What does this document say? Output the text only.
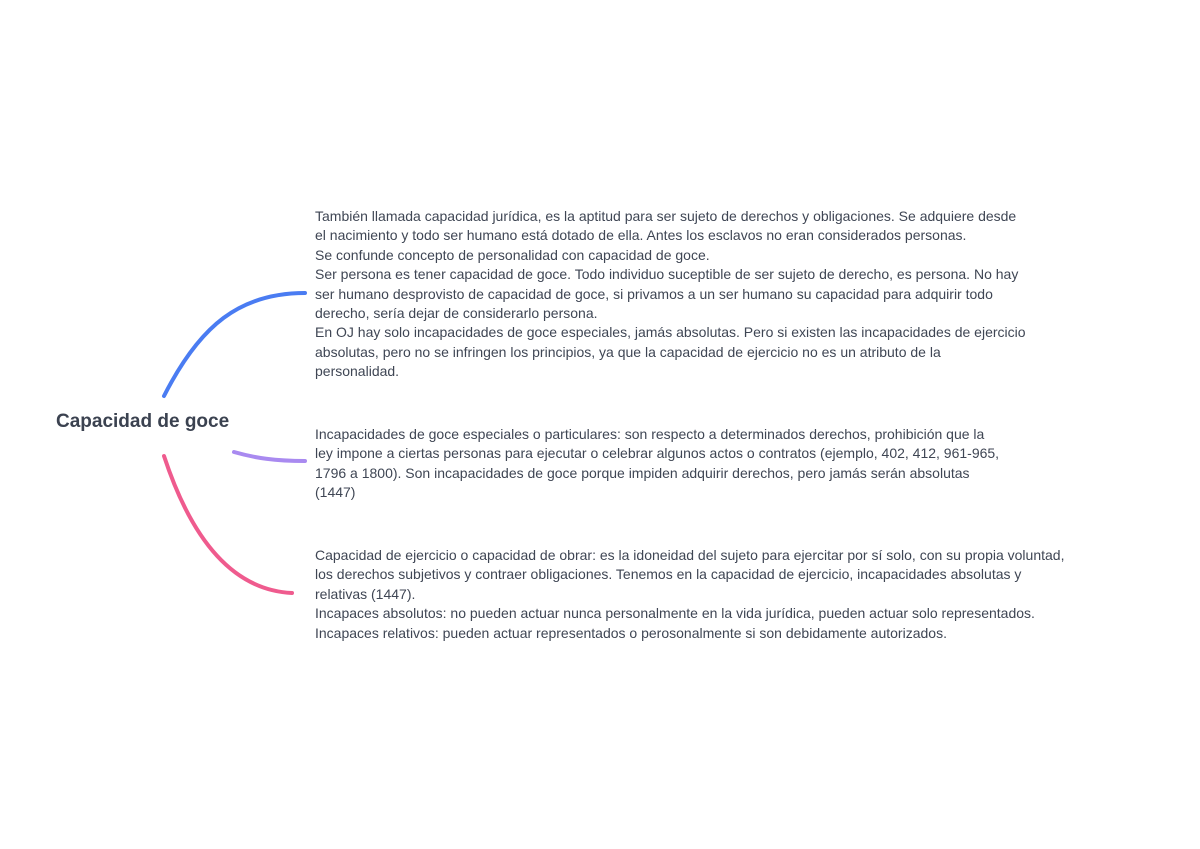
Capacidad de goce
También llamada capacidad jurídica, es la aptitud para ser sujeto de derechos y obligaciones. Se adquiere desde
el nacimiento y todo ser humano está dotado de ella. Antes los esclavos no eran considerados personas.
Se confunde concepto de personalidad con capacidad de goce.
Ser persona es tener capacidad de goce. Todo individuo suceptible de ser sujeto de derecho, es persona. No hay
ser humano desprovisto de capacidad de goce, si privamos a un ser humano su capacidad para adquirir todo
derecho, sería dejar de considerarlo persona.
En OJ hay solo incapacidades de goce especiales, jamás absolutas. Pero si existen las incapacidades de ejercicio
absolutas, pero no se infringen los principios, ya que la capacidad de ejercicio no es un atributo de la
personalidad.
Incapacidades de goce especiales o particulares: son respecto a determinados derechos, prohibición que la
ley impone a ciertas personas para ejecutar o celebrar algunos actos o contratos (ejemplo, 402, 412, 961-965,
1796 a 1800). Son incapacidades de goce porque impiden adquirir derechos, pero jamás serán absolutas
(1447)
Capacidad de ejercicio o capacidad de obrar: es la idoneidad del sujeto para ejercitar por sí solo, con su propia voluntad,
los derechos subjetivos y contraer obligaciones. Tenemos en la capacidad de ejercicio, incapacidades absolutas y
relativas (1447).
Incapaces absolutos: no pueden actuar nunca personalmente en la vida jurídica, pueden actuar solo representados.
Incapaces relativos: pueden actuar representados o perosonalmente si son debidamente autorizados.
